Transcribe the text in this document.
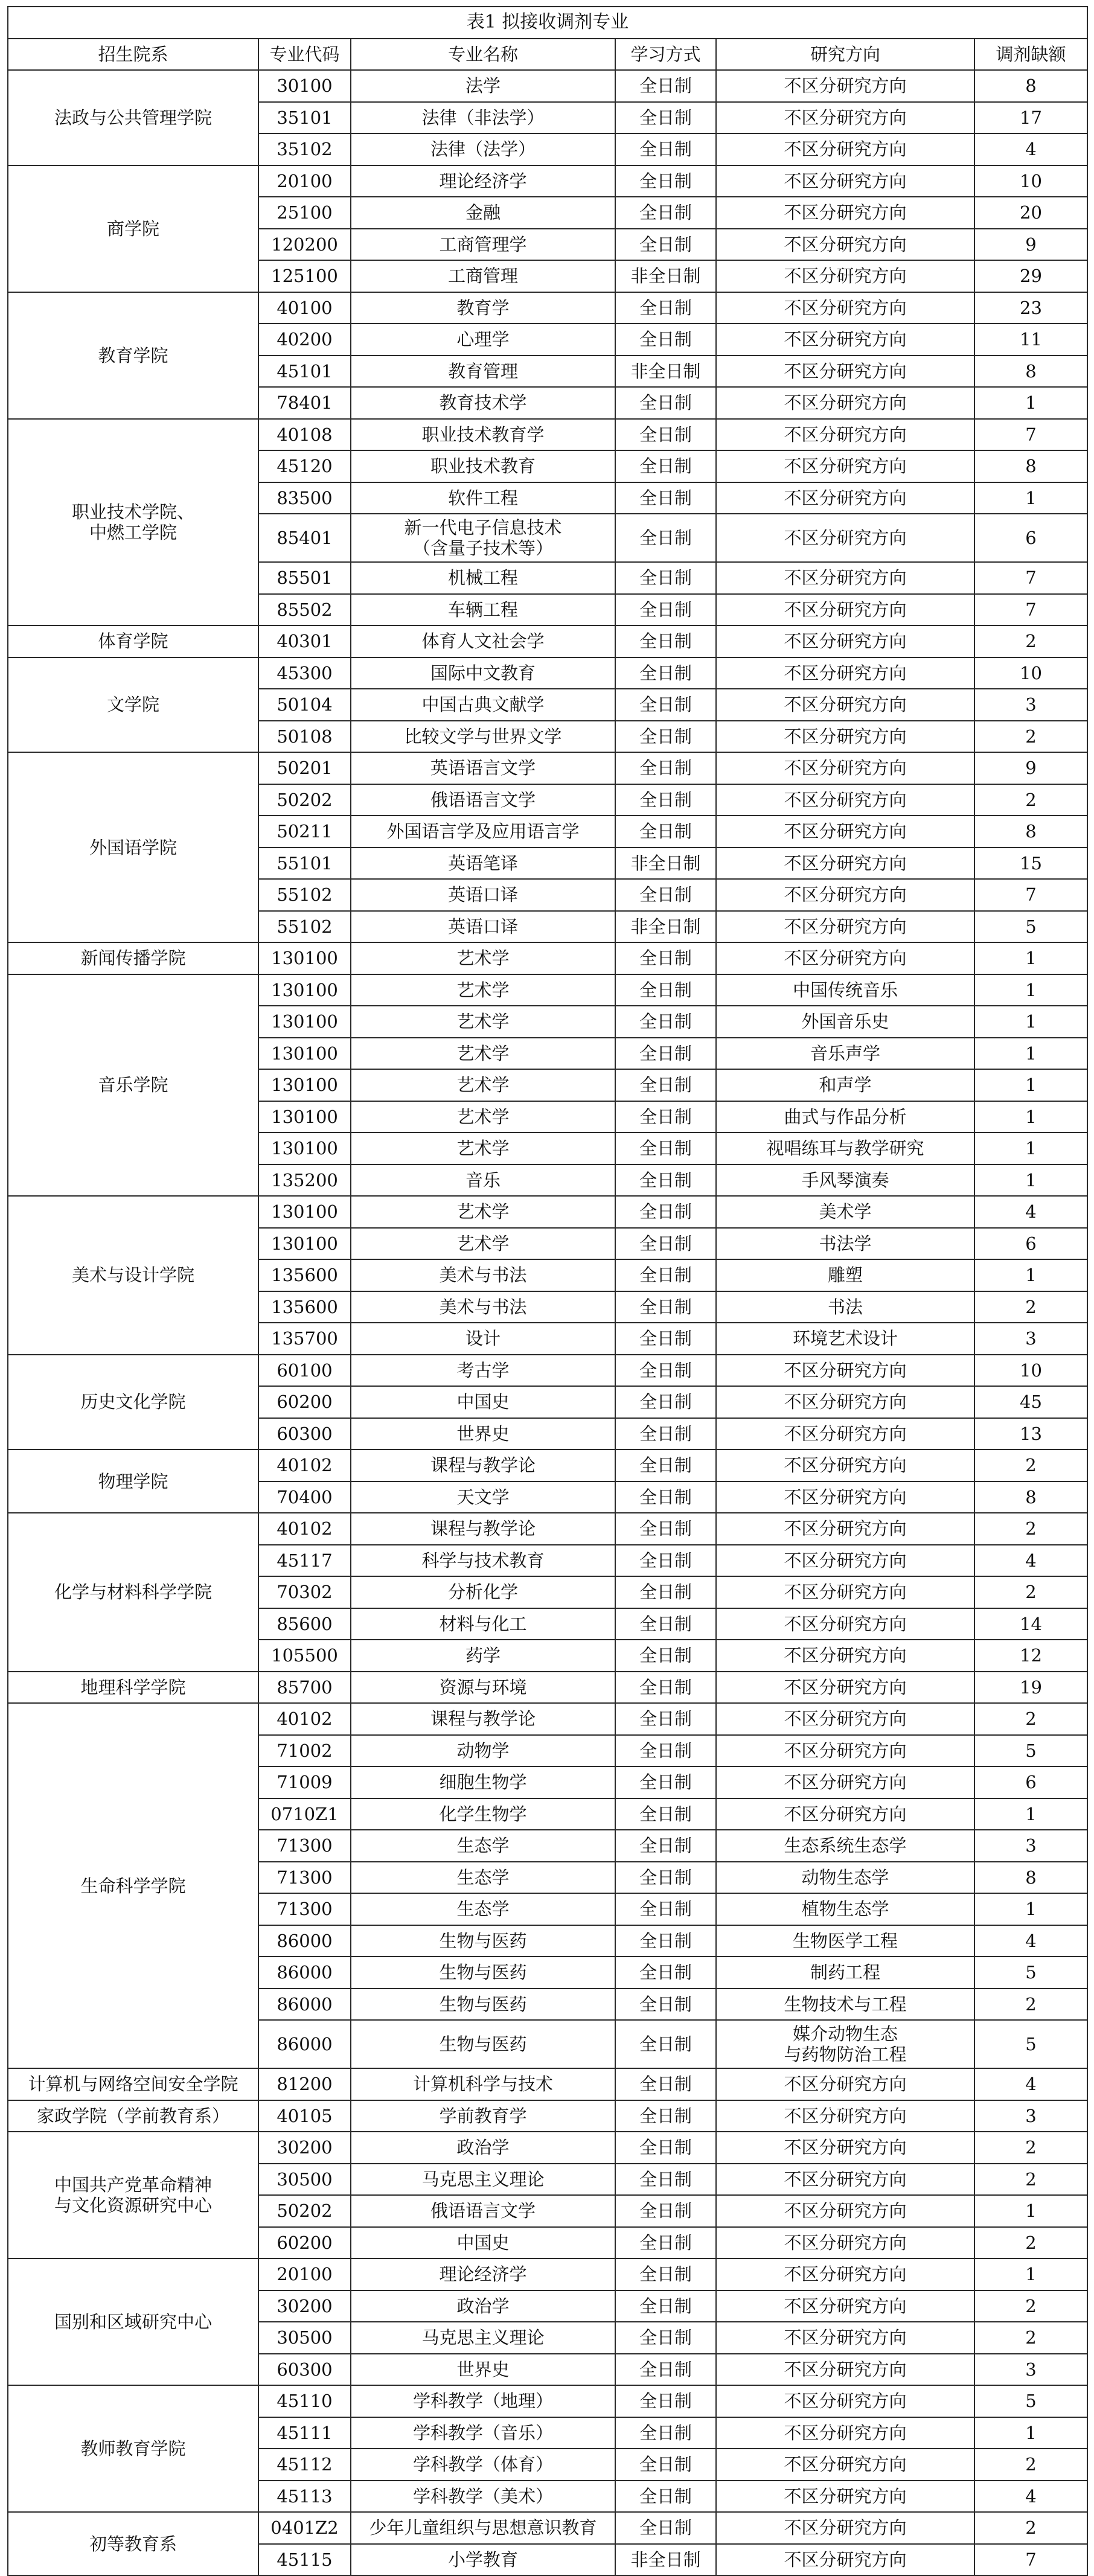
表1 拟接收调剂专业					
招生院系	专业代码	专业名称	学习方式	研究方向	调剂缺额
法政与公共管理学院	30100	法学	全日制	不区分研究方向	8
	35101	法律（非法学）	全日制	不区分研究方向	17
	35102	法律（法学）	全日制	不区分研究方向	4
商学院	20100	理论经济学	全日制	不区分研究方向	10
	25100	金融	全日制	不区分研究方向	20
	120200	工商管理学	全日制	不区分研究方向	9
	125100	工商管理	非全日制	不区分研究方向	29
教育学院	40100	教育学	全日制	不区分研究方向	23
	40200	心理学	全日制	不区分研究方向	11
	45101	教育管理	非全日制	不区分研究方向	8
	78401	教育技术学	全日制	不区分研究方向	1
职业技术学院、
中燃工学院	40108	职业技术教育学	全日制	不区分研究方向	7
	45120	职业技术教育	全日制	不区分研究方向	8
	83500	软件工程	全日制	不区分研究方向	1
	85401	新一代电子信息技术
（含量子技术等）	全日制	不区分研究方向	6
	85501	机械工程	全日制	不区分研究方向	7
	85502	车辆工程	全日制	不区分研究方向	7
体育学院	40301	体育人文社会学	全日制	不区分研究方向	2
文学院	45300	国际中文教育	全日制	不区分研究方向	10
	50104	中国古典文献学	全日制	不区分研究方向	3
	50108	比较文学与世界文学	全日制	不区分研究方向	2
外国语学院	50201	英语语言文学	全日制	不区分研究方向	9
	50202	俄语语言文学	全日制	不区分研究方向	2
	50211	外国语言学及应用语言学	全日制	不区分研究方向	8
	55101	英语笔译	非全日制	不区分研究方向	15
	55102	英语口译	全日制	不区分研究方向	7
	55102	英语口译	非全日制	不区分研究方向	5
新闻传播学院	130100	艺术学	全日制	不区分研究方向	1
音乐学院	130100	艺术学	全日制	中国传统音乐	1
	130100	艺术学	全日制	外国音乐史	1
	130100	艺术学	全日制	音乐声学	1
	130100	艺术学	全日制	和声学	1
	130100	艺术学	全日制	曲式与作品分析	1
	130100	艺术学	全日制	视唱练耳与教学研究	1
	135200	音乐	全日制	手风琴演奏	1
美术与设计学院	130100	艺术学	全日制	美术学	4
	130100	艺术学	全日制	书法学	6
	135600	美术与书法	全日制	雕塑	1
	135600	美术与书法	全日制	书法	2
	135700	设计	全日制	环境艺术设计	3
历史文化学院	60100	考古学	全日制	不区分研究方向	10
	60200	中国史	全日制	不区分研究方向	45
	60300	世界史	全日制	不区分研究方向	13
物理学院	40102	课程与教学论	全日制	不区分研究方向	2
	70400	天文学	全日制	不区分研究方向	8
化学与材料科学学院	40102	课程与教学论	全日制	不区分研究方向	2
	45117	科学与技术教育	全日制	不区分研究方向	4
	70302	分析化学	全日制	不区分研究方向	2
	85600	材料与化工	全日制	不区分研究方向	14
	105500	药学	全日制	不区分研究方向	12
地理科学学院	85700	资源与环境	全日制	不区分研究方向	19
生命科学学院	40102	课程与教学论	全日制	不区分研究方向	2
	71002	动物学	全日制	不区分研究方向	5
	71009	细胞生物学	全日制	不区分研究方向	6
	0710Z1	化学生物学	全日制	不区分研究方向	1
	71300	生态学	全日制	生态系统生态学	3
	71300	生态学	全日制	动物生态学	8
	71300	生态学	全日制	植物生态学	1
	86000	生物与医药	全日制	生物医学工程	4
	86000	生物与医药	全日制	制药工程	5
	86000	生物与医药	全日制	生物技术与工程	2
	86000	生物与医药	全日制	媒介动物生态
与药物防治工程	5
计算机与网络空间安全学院	81200	计算机科学与技术	全日制	不区分研究方向	4
家政学院（学前教育系）	40105	学前教育学	全日制	不区分研究方向	3
中国共产党革命精神
与文化资源研究中心	30200	政治学	全日制	不区分研究方向	2
	30500	马克思主义理论	全日制	不区分研究方向	2
	50202	俄语语言文学	全日制	不区分研究方向	1
	60200	中国史	全日制	不区分研究方向	2
国别和区域研究中心	20100	理论经济学	全日制	不区分研究方向	1
	30200	政治学	全日制	不区分研究方向	2
	30500	马克思主义理论	全日制	不区分研究方向	2
	60300	世界史	全日制	不区分研究方向	3
教师教育学院	45110	学科教学（地理）	全日制	不区分研究方向	5
	45111	学科教学（音乐）	全日制	不区分研究方向	1
	45112	学科教学（体育）	全日制	不区分研究方向	2
	45113	学科教学（美术）	全日制	不区分研究方向	4
初等教育系	0401Z2	少年儿童组织与思想意识教育	全日制	不区分研究方向	2
	45115	小学教育	非全日制	不区分研究方向	7
